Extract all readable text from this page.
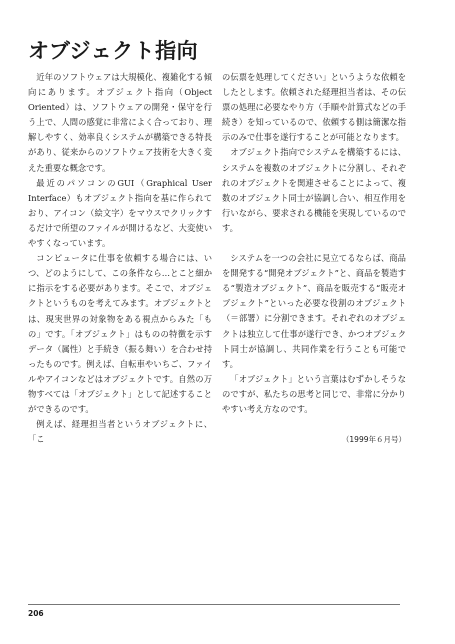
オブジェクト指向

近年のソフトウェアは大規模化、複雑化する傾向にあります。オブジェクト指向（Object Oriented）は、ソフトウェアの開発・保守を行う上で、人間の感覚に非常によく合っており、理解しやすく、効率良くシステムが構築できる特長があり、従来からのソフトウェア技術を大きく変えた重要な概念です。

最近のパソコンのGUI（Graphical User Interface）もオブジェクト指向を基に作られており、アイコン（絵文字）をマウスでクリックするだけで所望のファイルが開けるなど、大変使いやすくなっています。

コンピュータに仕事を依頼する場合には、いつ、どのようにして、この条件なら…とこと細かに指示をする必要があります。そこで、オブジェクトというものを考えてみます。オブジェクトとは、現実世界の対象物をある視点からみた「もの」です。「オブジェクト」はものの特徴を示すデータ（属性）と手続き（振る舞い）を合わせ持ったものです。例えば、自転車やいちご、ファイルやアイコンなどはオブジェクトです。自然の万物すべては「オブジェクト」として記述することができるのです。

例えば、経理担当者というオブジェクトに、「こ

の伝票を処理してください」というような依頼をしたとします。依頼された経理担当者は、その伝票の処理に必要なやり方（手順や計算式などの手続き）を知っているので、依頼する側は簡潔な指示のみで仕事を遂行することが可能となります。

オブジェクト指向でシステムを構築するには、システムを複数のオブジェクトに分割し、それぞれのオブジェクトを関連させることによって、複数のオブジェクト同士が協調し合い、相互作用を行いながら、要求される機能を実現しているのです。

システムを一つの会社に見立てるならば、商品を開発する“開発オブジェクト”と、商品を製造する“製造オブジェクト”、商品を販売する“販売オブジェクト”といった必要な役割のオブジェクト（＝部署）に分割できます。それぞれのオブジェクトは独立して仕事が遂行でき、かつオブジェクト同士が協調し、共同作業を行うことも可能です。

「オブジェクト」という言葉はむずかしそうなのですが、私たちの思考と同じで、非常に分かりやすい考え方なのです。

（1999年６月号）

206
